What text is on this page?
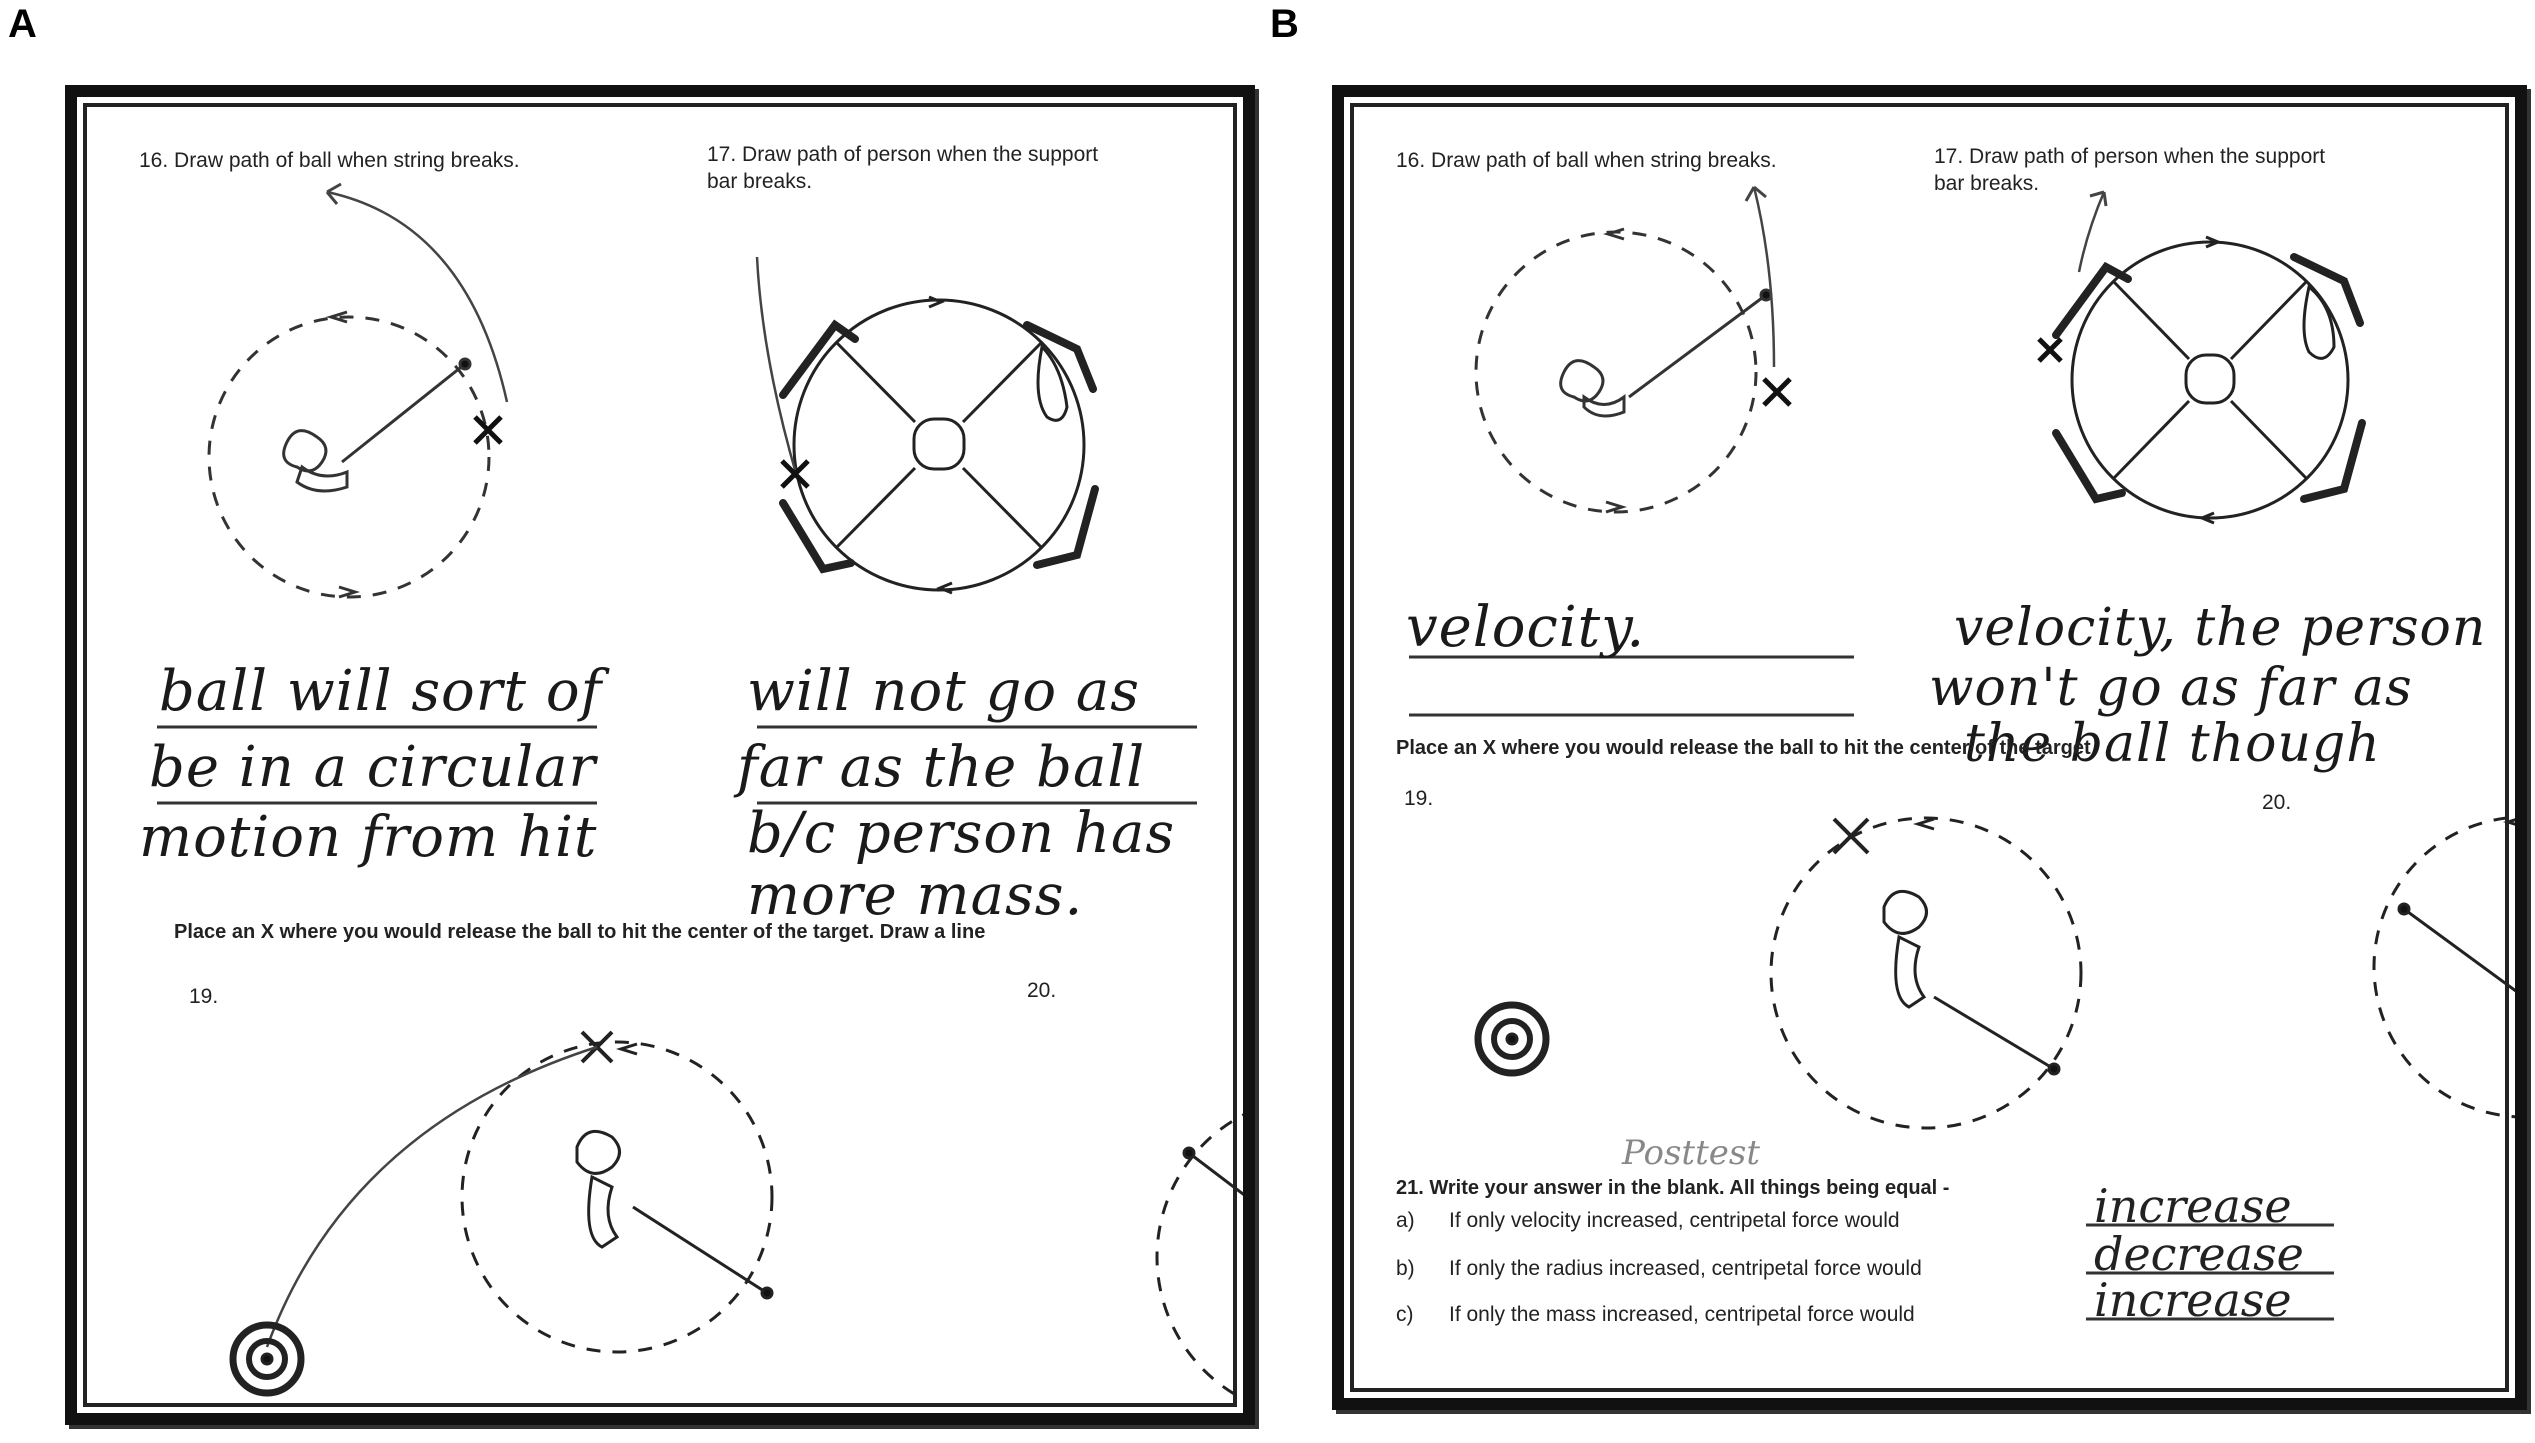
A	B
16. Draw path of ball when string breaks.	17. Draw path of person when the support
bar breaks.
ball will sort of
be in a circular
motion from hit
will not go as
far as the ball
b/c person has
more mass.
Place an X where you would release the ball to hit the center of the target. Draw a line
19.	20.
16. Draw path of ball when string breaks.	17. Draw path of person when the support
bar breaks.
velocity.	velocity, the person
won't go as far as
the ball though
Place an X where you would release the ball to hit the center of the target
19.	20.
Posttest
21. Write your answer in the blank. All things being equal -
a) If only velocity increased, centripetal force would	increase
b) If only the radius increased, centripetal force would	decrease
c) If only the mass increased, centripetal force would	increase
